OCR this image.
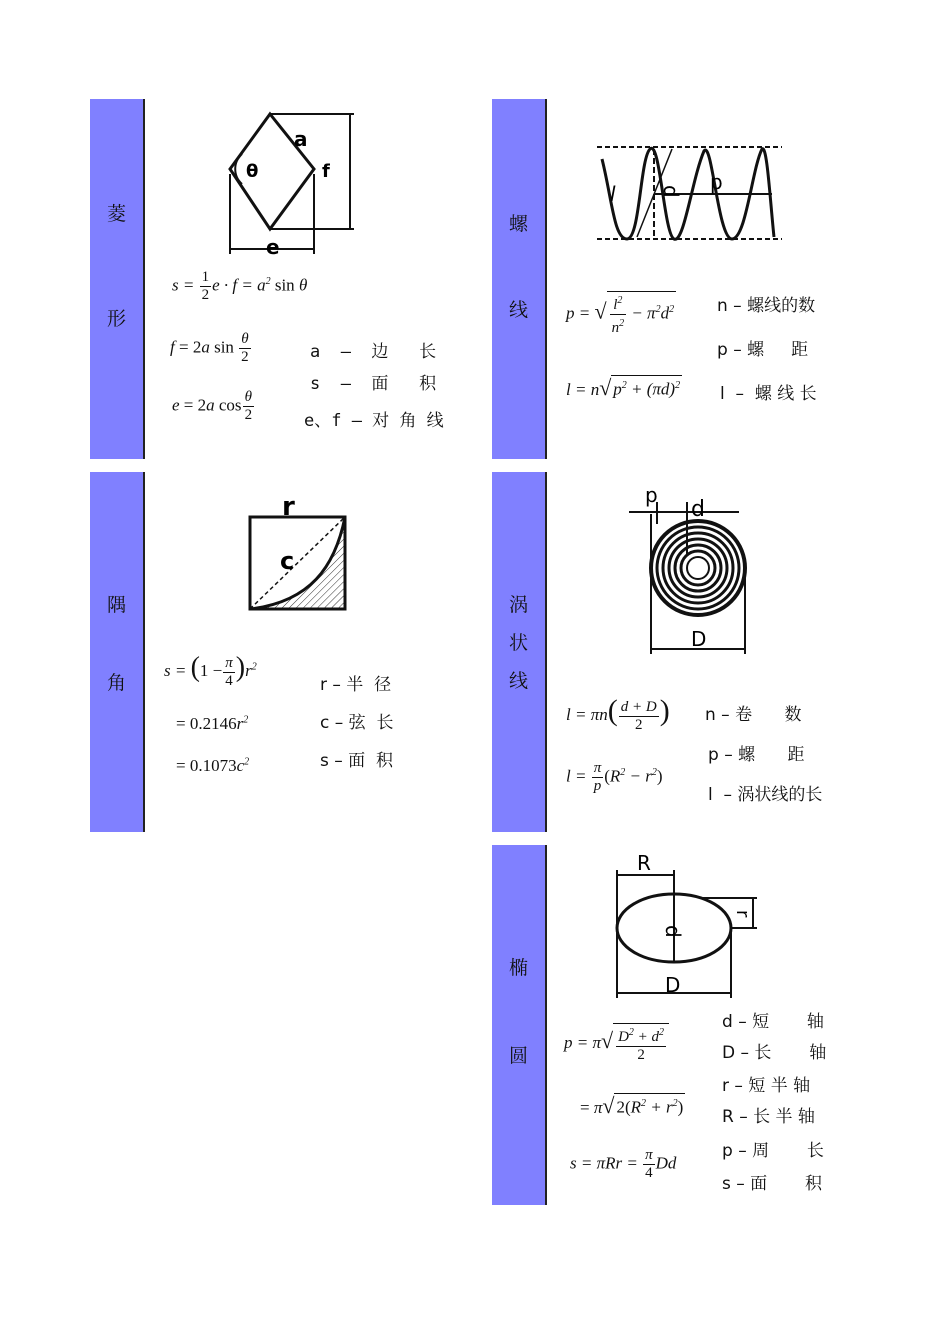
菱
形
a
θ	f
e
$s = \frac{1}{2}$ $e \cdot f = a^2$ sin θ
f = 2a $\sin \frac{\theta}{2}$
e = 2a $\cos \frac{\theta}{2}$
a  –  边   长
s  –  面   积
e、f – 对 角 线
螺
线
l d p
p = √ $\frac{l^2}{n^2} - \pi^2d^2$
l = n√ $p^2 + (\pi d)^2$
n – 螺线的数
p – 螺     距
l  –  螺 线 长
隅
角
r
c
$s = (1 - \frac{\pi}{4} )r^2$
= $0.2146r^2$
= $0.1073c^2$
r – 半  径
c – 弦  长
s – 面  积
涡
状
线
p
d
D
$l = \pi n( \frac{d + D}{2}$ )
$l = \frac{\pi}{p} (R^2 - r^2)$
n – 卷      数
p – 螺      距
l  – 涡状线的长
椭
圆
R
d
r
D
$p = \pi√ \frac{D^2 + d^2}{2}$
= π√ $2(R^2 + r^2)$
$s = \pi Rr = \frac{\pi}{4}$ Dd
d – 短       轴
D – 长       轴
r – 短 半 轴
R – 长 半 轴
p – 周       长
s – 面       积
